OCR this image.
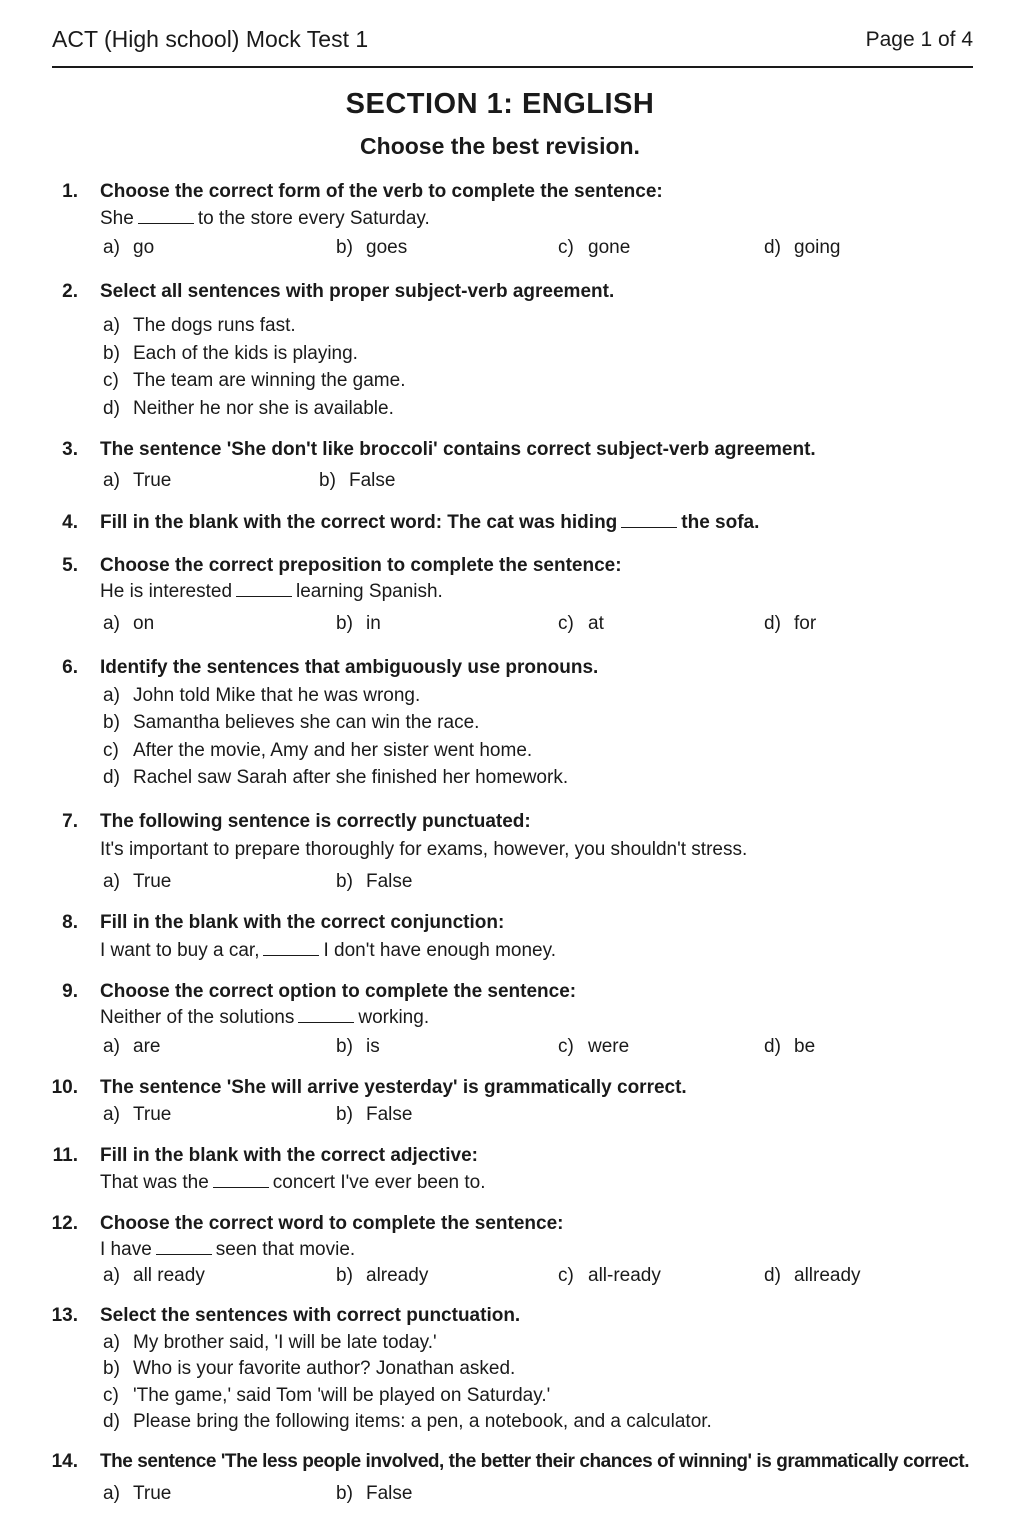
ACT (High school) Mock Test 1	Page 1 of 4
SECTION 1: ENGLISH
Choose the best revision.
1. Choose the correct form of the verb to complete the sentence:
She	to the store every Saturday.
a) go	b) goes	c) gone	d) going
2. Select all sentences with proper subject-verb agreement.
a) The dogs runs fast.
b) Each of the kids is playing.
c) The team are winning the game.
d) Neither he nor she is available.
3. The sentence 'She don't like broccoli' contains correct subject-verb agreement.
a) True	b) False
4. Fill in the blank with the correct word: The cat was hiding	the sofa.
5. Choose the correct preposition to complete the sentence:
He is interested	learning Spanish.
a) on	b) in	c) at	d) for
6. Identify the sentences that ambiguously use pronouns.
a) John told Mike that he was wrong.
b) Samantha believes she can win the race.
c) After the movie, Amy and her sister went home.
d) Rachel saw Sarah after she finished her homework.
7. The following sentence is correctly punctuated:
It's important to prepare thoroughly for exams, however, you shouldn't stress.
a) True	b) False
8. Fill in the blank with the correct conjunction:
I want to buy a car,	I don't have enough money.
9. Choose the correct option to complete the sentence:
Neither of the solutions	working.
a) are	b) is	c) were	d) be
10. The sentence 'She will arrive yesterday' is grammatically correct.
a) True	b) False
11. Fill in the blank with the correct adjective:
That was the	concert I've ever been to.
12. Choose the correct word to complete the sentence:
I have	seen that movie.
a) all ready	b) already	c) all-ready	d) allready
13. Select the sentences with correct punctuation.
a) My brother said, 'I will be late today.'
b) Who is your favorite author? Jonathan asked.
c) 'The game,' said Tom 'will be played on Saturday.'
d) Please bring the following items: a pen, a notebook, and a calculator.
14. The sentence 'The less people involved, the better their chances of winning' is grammatically correct.
a) True	b) False
